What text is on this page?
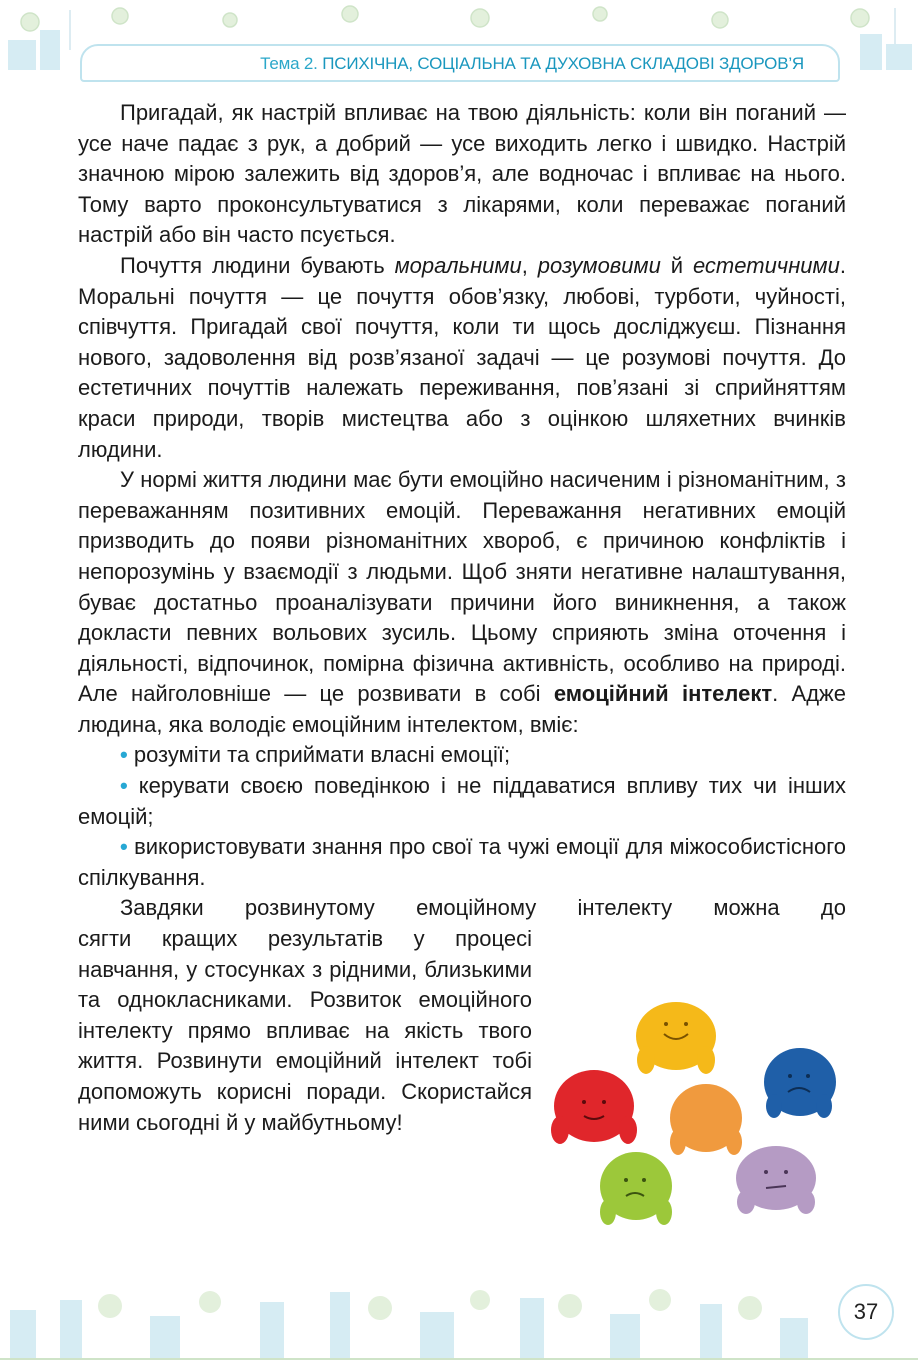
Тема 2. ПСИХІЧНА, СОЦІАЛЬНА ТА ДУХОВНА СКЛАДОВІ ЗДОРОВ’Я

Пригадай, як настрій впливає на твою діяльність: коли він поганий — усе наче падає з рук, а добрий — усе виходить легко і швидко. Настрій значною мірою залежить від здоров’я, але водночас і впливає на нього. Тому варто проконсультуватися з лікарями, коли переважає поганий настрій або він часто псується.

Почуття людини бувають моральними, розумовими й естетичними. Моральні почуття — це почуття обов’язку, любові, турботи, чуйності, співчуття. Пригадай свої почуття, коли ти щось досліджуєш. Пізнання нового, задоволення від розв’язаної задачі — це розумові почуття. До естетичних почуттів належать переживання, пов’язані зі сприйняттям краси природи, творів мистецтва або з оцінкою шляхетних вчинків людини.

У нормі життя людини має бути емоційно насиченим і різноманітним, з переважанням позитивних емоцій. Переважання негативних емоцій призводить до появи різноманітних хвороб, є причиною конфліктів і непорозумінь у взаємодії з людьми. Щоб зняти негативне налаштування, буває достатньо проаналізувати причини його виникнення, а також докласти певних вольових зусиль. Цьому сприяють зміна оточення і діяльності, відпочинок, помірна фізична активність, особливо на природі. Але найголовніше — це розвивати в собі емоційний інтелект. Адже людина, яка володіє емоційним інтелектом, вміє:

• розуміти та сприймати власні емоції;

• керувати своєю поведінкою і не піддаватися впливу тих чи інших емоцій;

• використовувати знання про свої та чужі емоції для міжособистісного спілкування.

Завдяки розвинутому емоційному інтелекту можна до

сягти кращих результатів у процесі навчання, у стосунках з рідними, близькими та однокласниками. Розвиток емоційного інтелекту прямо впливає на якість твого життя. Розвинути емоційний інтелект тобі допоможуть корисні поради. Скористайся ними сьогодні й у майбутньому!

37
